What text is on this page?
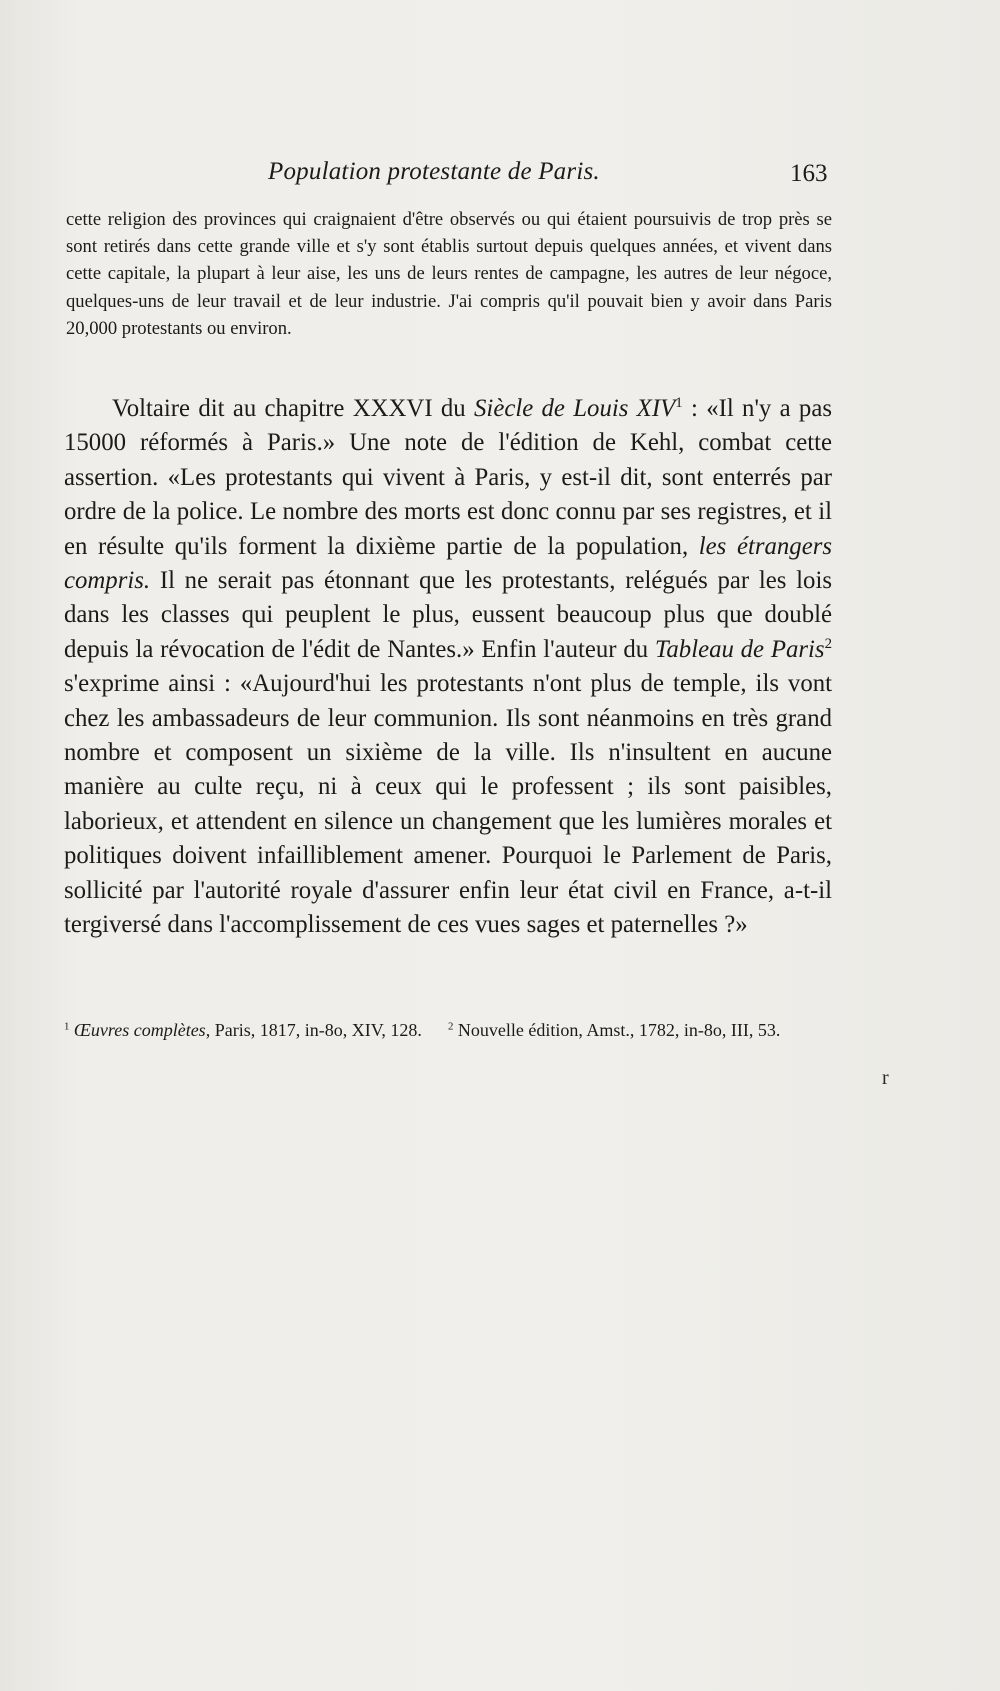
Population protestante de Paris.	163

cette religion des provinces qui craignaient d'être observés ou qui étaient poursuivis de trop près se sont retirés dans cette grande ville et s'y sont établis surtout depuis quelques années, et vivent dans cette capitale, la plupart à leur aise, les uns de leurs rentes de campagne, les autres de leur négoce, quelques-uns de leur travail et de leur industrie. J'ai compris qu'il pouvait bien y avoir dans Paris 20,000 protestants ou environ.

Voltaire dit au chapitre XXXVI du Siècle de Louis XIV$^1$ : «Il n'y a pas 15000 réformés à Paris.» Une note de l'édition de Kehl, combat cette assertion. «Les protestants qui vivent à Paris, y est-il dit, sont enterrés par ordre de la police. Le nombre des morts est donc connu par ses registres, et il en résulte qu'ils forment la dixième partie de la population, les étrangers compris. Il ne serait pas étonnant que les protestants, relégués par les lois dans les classes qui peuplent le plus, eussent beaucoup plus que doublé depuis la révocation de l'édit de Nantes.» Enfin l'auteur du Tableau de Paris$^2$ s'exprime ainsi : «Aujourd'hui les protestants n'ont plus de temple, ils vont chez les ambassadeurs de leur communion. Ils sont néanmoins en très grand nombre et composent un sixième de la ville. Ils n'insultent en aucune manière au culte reçu, ni à ceux qui le professent ; ils sont paisibles, laborieux, et attendent en silence un changement que les lumières morales et politiques doivent infailliblement amener. Pourquoi le Parlement de Paris, sollicité par l'autorité royale d'assurer enfin leur état civil en France, a-t-il tergiversé dans l'accomplissement de ces vues sages et paternelles ?»

$^1$ Œuvres complètes, Paris, 1817, in-8o, XIV, 128.	$^2$ Nouvelle édition, Amst., 1782, in-8o, III, 53.
r
